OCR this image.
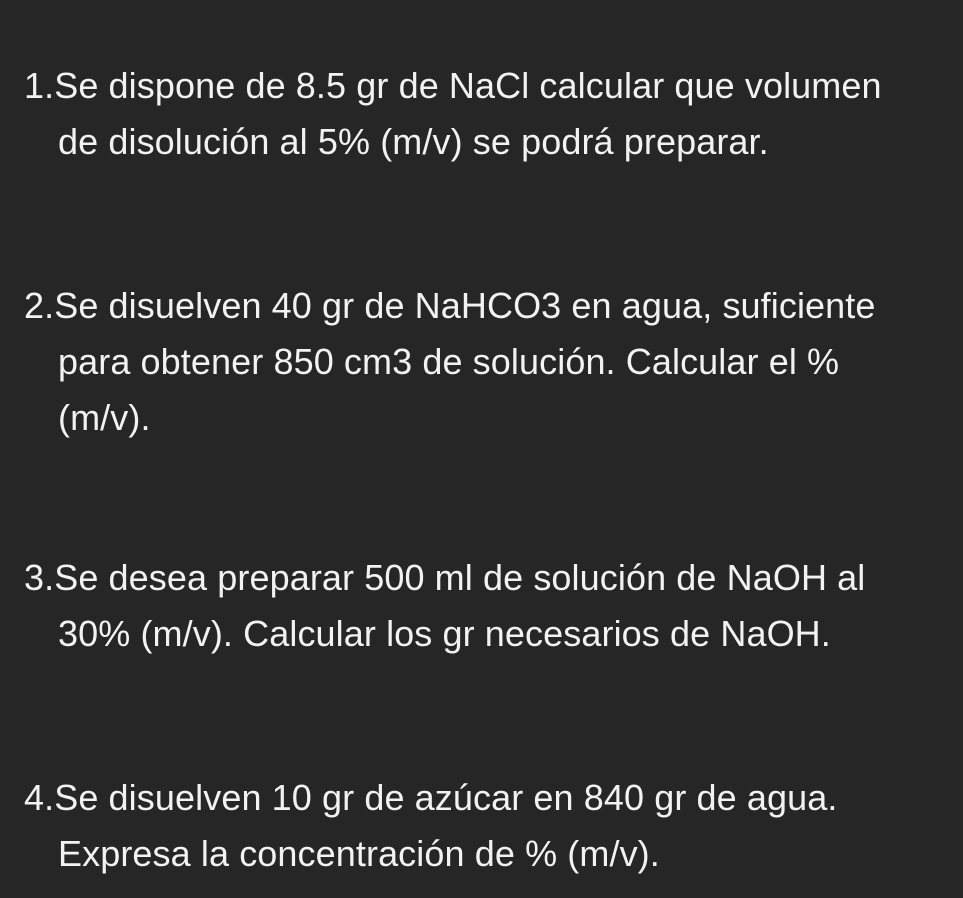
1.Se dispone de 8.5 gr de NaCl calcular que volumen
de disolución al 5% (m/v) se podrá preparar.

2.Se disuelven 40 gr de NaHCO3 en agua, suficiente
para obtener 850 cm3 de solución. Calcular el %
(m/v).

3.Se desea preparar 500 ml de solución de NaOH al
30% (m/v). Calcular los gr necesarios de NaOH.

4.Se disuelven 10 gr de azúcar en 840 gr de agua.
Expresa la concentración de % (m/v).
